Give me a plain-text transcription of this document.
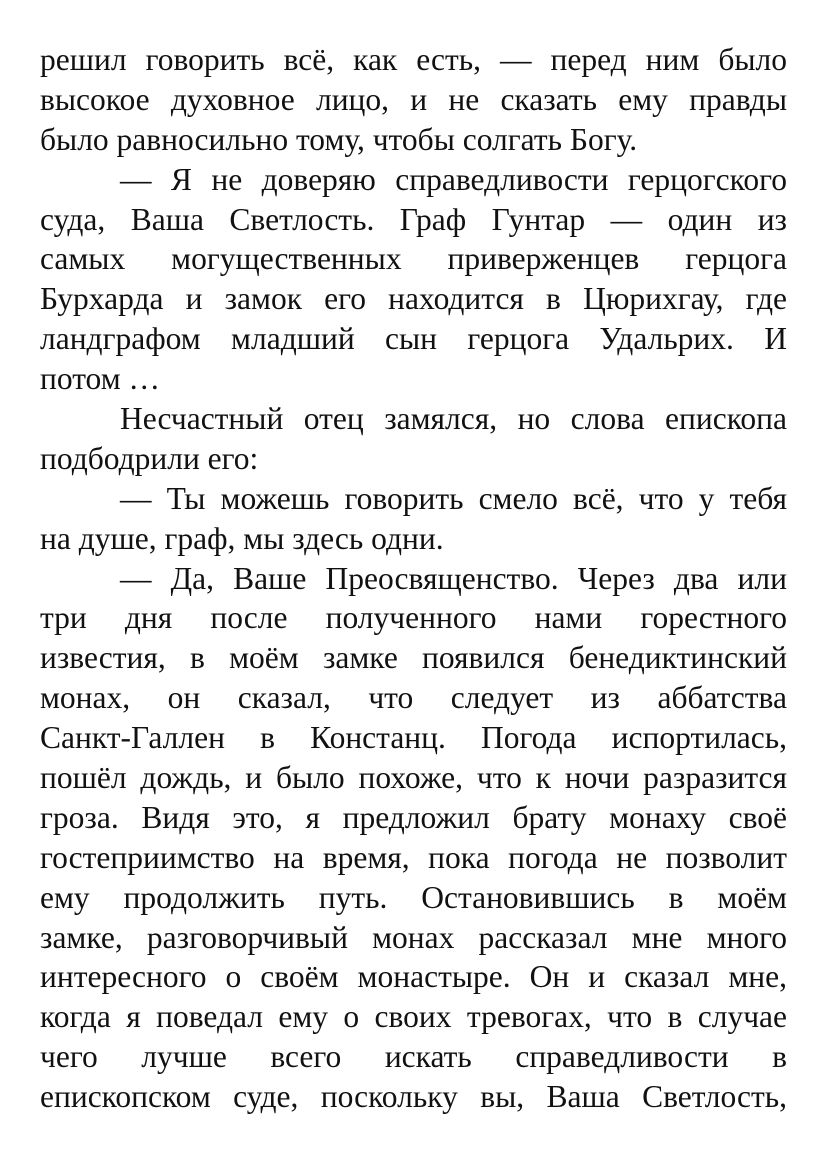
решил говорить всё, как есть, — перед ним было
высокое духовное лицо, и не сказать ему правды
было равносильно тому, чтобы солгать Богу.
— Я не доверяю справедливости герцогского
суда, Ваша Светлость. Граф Гунтар — один из
самых могущественных приверженцев герцога
Бурхарда и замок его находится в Цюрихгау, где
ландграфом младший сын герцога Удальрих. И
потом …
Несчастный отец замялся, но слова епископа
подбодрили его:
— Ты можешь говорить смело всё, что у тебя
на душе, граф, мы здесь одни.
— Да, Ваше Преосвященство. Через два или
три дня после полученного нами горестного
известия, в моём замке появился бенедиктинский
монах, он сказал, что следует из аббатства
Санкт-Галлен в Констанц. Погода испортилась,
пошёл дождь, и было похоже, что к ночи разразится
гроза. Видя это, я предложил брату монаху своё
гостеприимство на время, пока погода не позволит
ему продолжить путь. Остановившись в моём
замке, разговорчивый монах рассказал мне много
интересного о своём монастыре. Он и сказал мне,
когда я поведал ему о своих тревогах, что в случае
чего лучше всего искать справедливости в
епископском суде, поскольку вы, Ваша Светлость,
